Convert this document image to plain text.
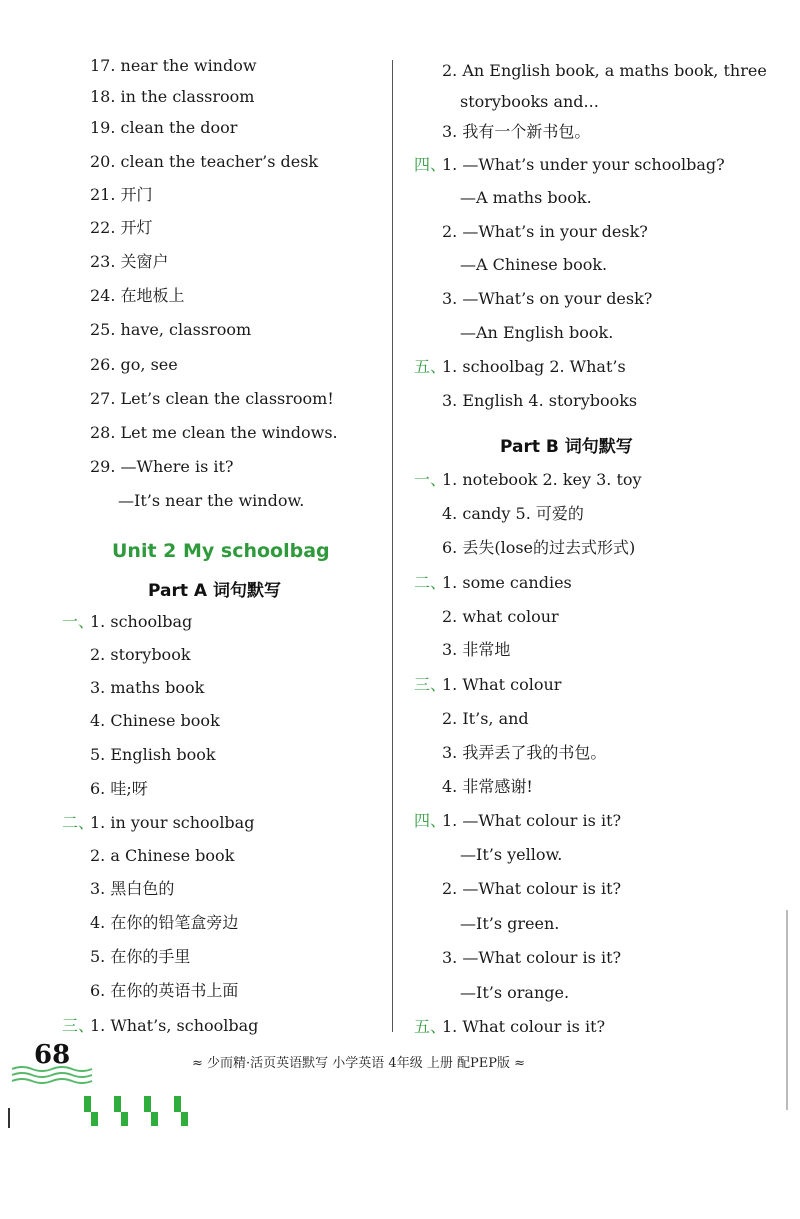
17. near the window
18. in the classroom
19. clean the door
20. clean the teacher’s desk
21. 开门
22. 开灯
23. 关窗户
24. 在地板上
25. have, classroom
26. go, see
27. Let’s clean the classroom!
28. Let me clean the windows.
29. —Where is it?
—It’s near the window.
Unit 2 My schoolbag
Part A 词句默写
一、
1. schoolbag
2. storybook
3. maths book
4. Chinese book
5. English book
6. 哇;呀
二、
1. in your schoolbag
2. a Chinese book
3. 黑白色的
4. 在你的铅笔盒旁边
5. 在你的手里
6. 在你的英语书上面
三、
1. What’s, schoolbag
2. An English book, a maths book, three
storybooks and...
3. 我有一个新书包。
四、
1. —What’s under your schoolbag?
—A maths book.
2. —What’s in your desk?
—A Chinese book.
3. —What’s on your desk?
—An English book.
五、
1. schoolbag 2. What’s
3. English 4. storybooks
Part B 词句默写
一、
1. notebook 2. key 3. toy
4. candy 5. 可爱的
6. 丢失(lose的过去式形式)
二、
1. some candies
2. what colour
3. 非常地
三、
1. What colour
2. It’s, and
3. 我弄丢了我的书包。
4. 非常感谢!
四、
1. —What colour is it?
—It’s yellow.
2. —What colour is it?
—It’s green.
3. —What colour is it?
—It’s orange.
五、
1. What colour is it?
68	≈ 少而精·活页英语默写 小学英语 4年级 上册 配PEP版 ≈
